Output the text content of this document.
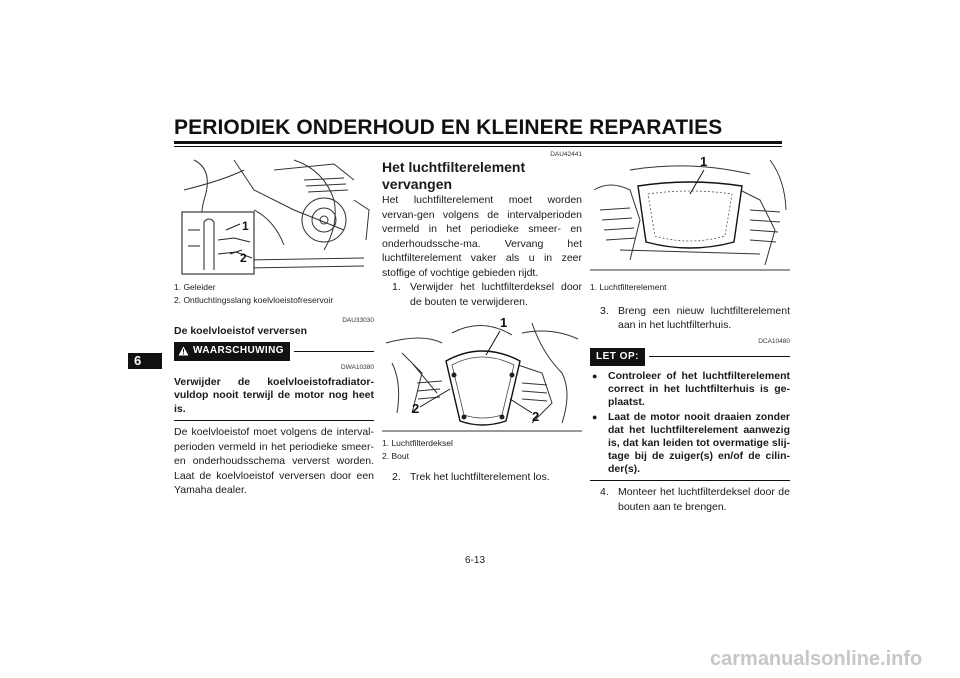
PERIODIEK ONDERHOUD EN KLEINERE REPARATIES
6
1
2
1. Geleider
2. Ontluchtingsslang koelvloeistofreservoir
DAU33030
De koelvloeistof verversen
WAARSCHUWING
DWA10380
Verwijder de koelvloeistofradiator-vuldop nooit terwijl de motor nog heet is.
De koelvloeistof moet volgens de interval-perioden vermeld in het periodieke smeer- en onderhoudsschema ververst worden. Laat de koelvloeistof verversen door een Yamaha dealer.
DAU42441
Het luchtfilterelement vervangen
Het luchtfilterelement moet worden vervan-gen volgens de intervalperioden vermeld in het periodieke smeer- en onderhoudssche-ma. Vervang het luchtfilterelement vaker als u in zeer stoffige of vochtige gebieden rijdt.
1. Verwijder het luchtfilterdeksel door de bouten te verwijderen.
1
2
2
1. Luchtfilterdeksel
2. Bout
2. Trek het luchtfilterelement los.
1
1. Luchtfilterelement
3. Breng een nieuw luchtfilterelement aan in het luchtfilterhuis.
DCA10480
LET OP:
●	Controleer of het luchtfilterelement correct in het luchtfilterhuis is ge-plaatst.
●	Laat de motor nooit draaien zonder dat het luchtfilterelement aanwezig is, dat kan leiden tot overmatige slij-tage bij de zuiger(s) en/of de cilin-der(s).
4. Monteer het luchtfilterdeksel door de bouten aan te brengen.
6-13
carmanualsonline.info
